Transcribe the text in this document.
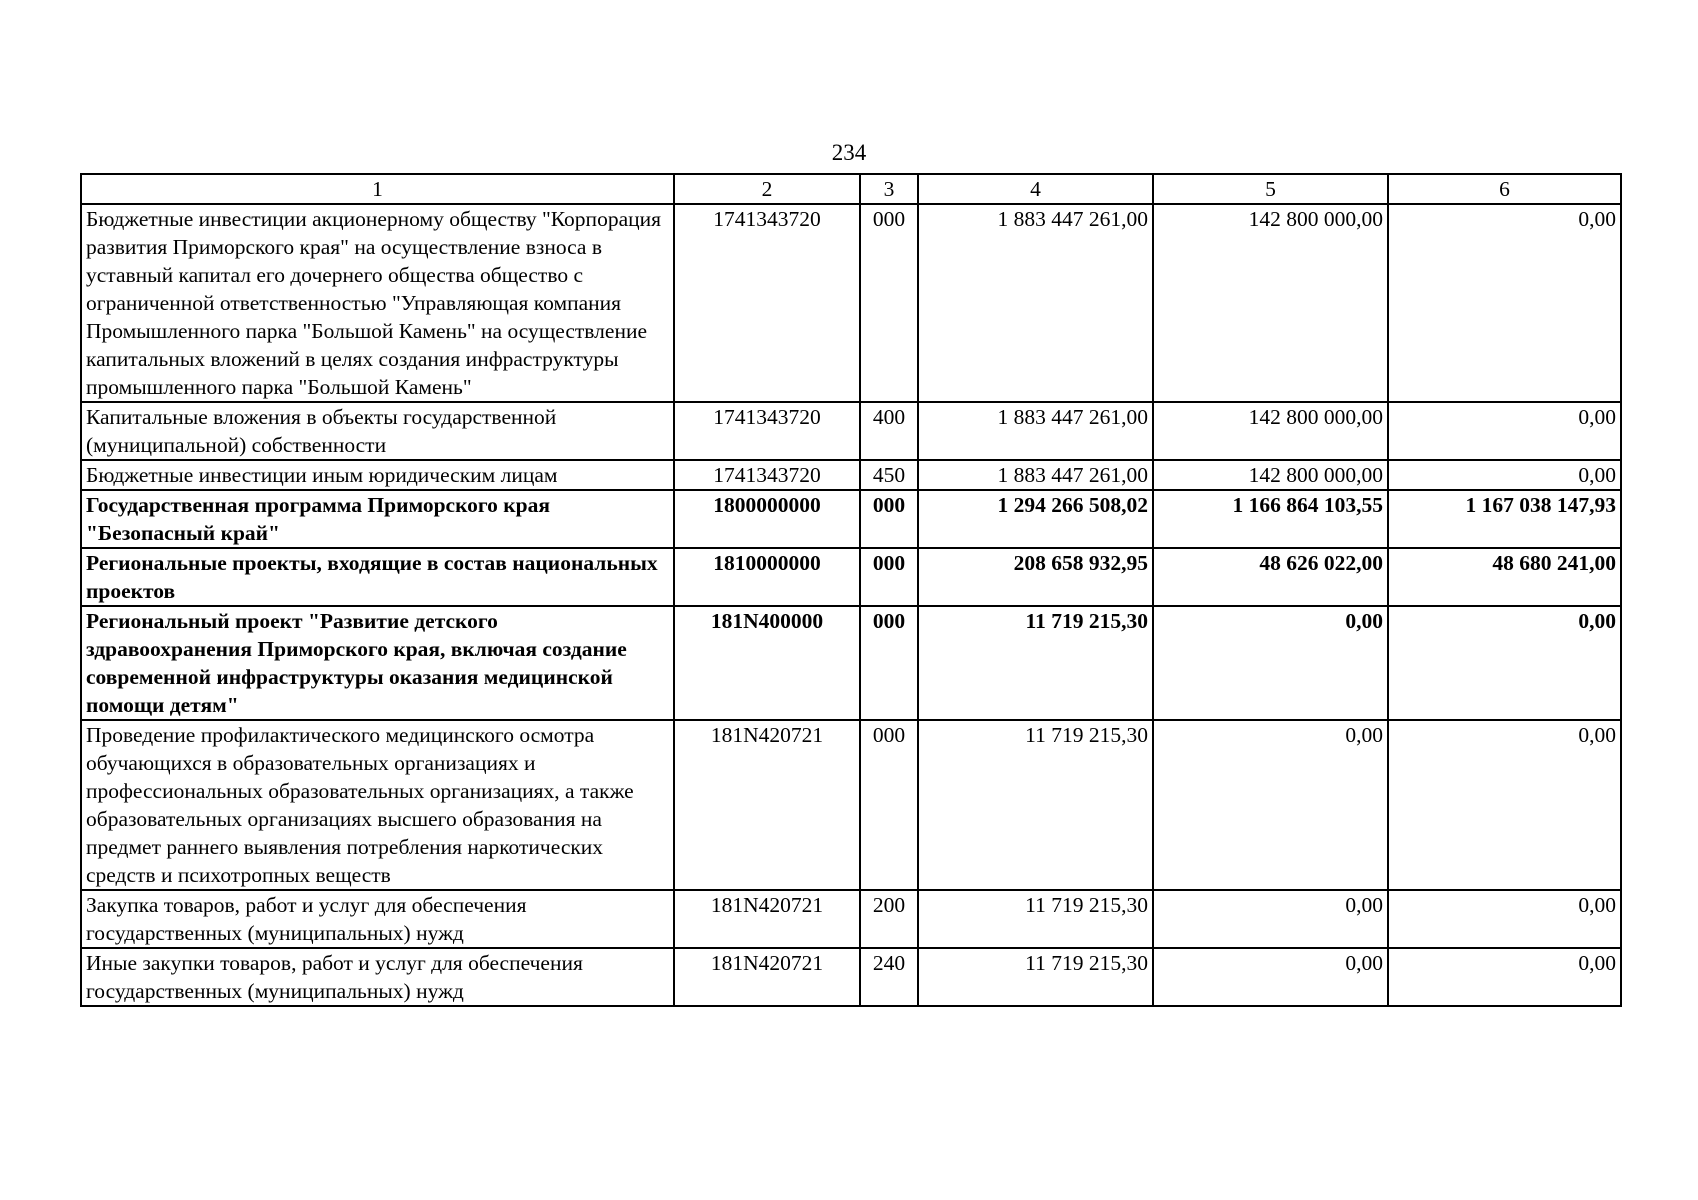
234
1	2	3	4	5	6
Бюджетные инвестиции акционерному обществу "Корпорация развития Приморского края" на осуществление взноса в уставный капитал его дочернего общества общество с ограниченной ответственностью "Управляющая компания Промышленного парка "Большой Камень" на осуществление капитальных вложений в целях создания инфраструктуры промышленного парка "Большой Камень"	1741343720	000	1 883 447 261,00	142 800 000,00	0,00
Капитальные вложения в объекты государственной (муниципальной) собственности	1741343720	400	1 883 447 261,00	142 800 000,00	0,00
Бюджетные инвестиции иным юридическим лицам	1741343720	450	1 883 447 261,00	142 800 000,00	0,00
Государственная программа Приморского края "Безопасный край"	1800000000	000	1 294 266 508,02	1 166 864 103,55	1 167 038 147,93
Региональные проекты, входящие в состав национальных проектов	1810000000	000	208 658 932,95	48 626 022,00	48 680 241,00
Региональный проект "Развитие детского здравоохранения Приморского края, включая создание современной инфраструктуры оказания медицинской помощи детям"	181N400000	000	11 719 215,30	0,00	0,00
Проведение профилактического медицинского осмотра обучающихся в образовательных организациях и профессиональных образовательных организациях, а также образовательных организациях высшего образования на предмет раннего выявления потребления наркотических средств и психотропных веществ	181N420721	000	11 719 215,30	0,00	0,00
Закупка товаров, работ и услуг для обеспечения государственных (муниципальных) нужд	181N420721	200	11 719 215,30	0,00	0,00
Иные закупки товаров, работ и услуг для обеспечения государственных (муниципальных) нужд	181N420721	240	11 719 215,30	0,00	0,00
